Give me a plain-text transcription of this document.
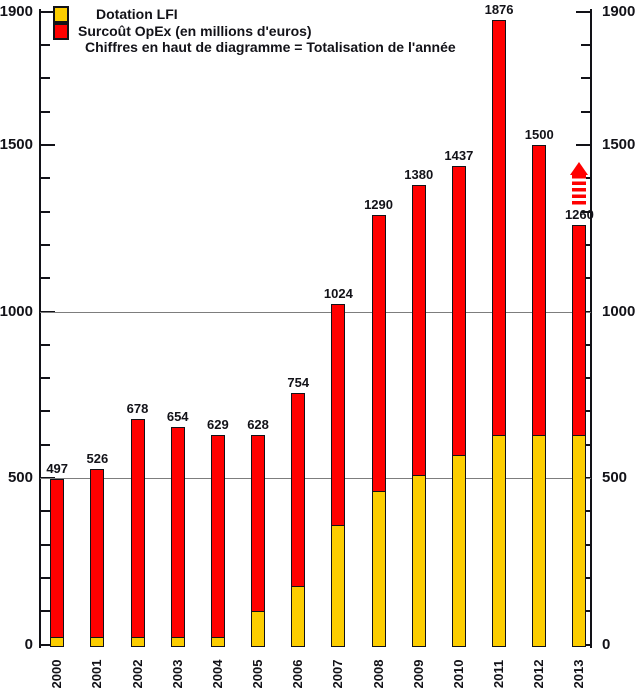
Dotation LFI
Surcoût OpEx (en millions d'euros)
Chiffres en haut de diagramme = Totalisation de l'année
0	0
500	500
1000	1000
1500	1500
1900	1900
497
2000
526
2001
678
2002
654
2003
629
2004
628
2005
754
2006
1024
2007
1290
2008
1380
2009
1437
2010
1876
2011
1500
2012
1260
2013
